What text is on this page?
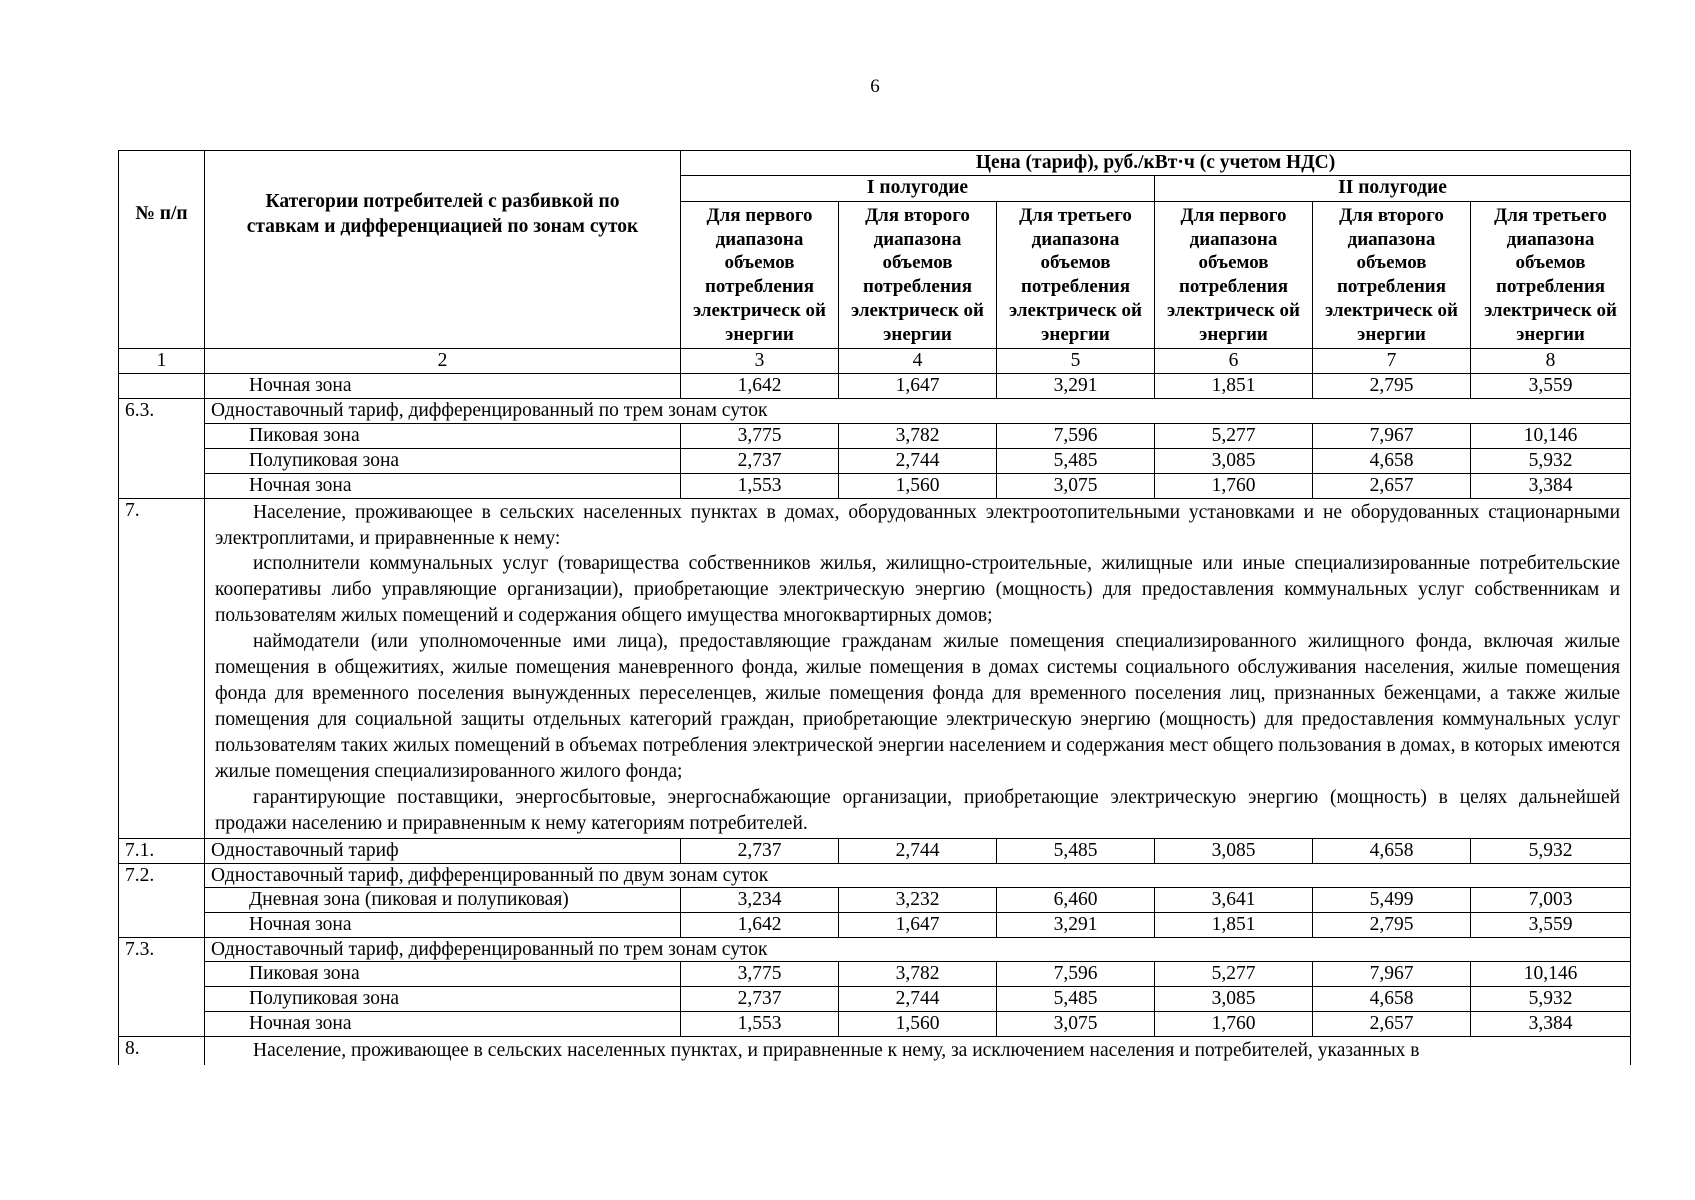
6
№ п/п	Категории потребителей с разбивкой по ставкам и дифференциацией по зонам суток	Цена (тариф), руб./кВт·ч (с учетом НДС)					
		I полугодие			II полугодие		
		Для первого диапазона объемов потребления электрическ ой энергии	Для второго диапазона объемов потребления электрическ ой энергии	Для третьего диапазона объемов потребления электрическ ой энергии	Для первого диапазона объемов потребления электрическ ой энергии	Для второго диапазона объемов потребления электрическ ой энергии	Для третьего диапазона объемов потребления электрическ ой энергии
1	2	3	4	5	6	7	8
	Ночная зона	1,642	1,647	3,291	1,851	2,795	3,559
6.3.	Одноставочный тариф, дифференцированный по трем зонам суток						
	Пиковая зона	3,775	3,782	7,596	5,277	7,967	10,146
	Полупиковая зона	2,737	2,744	5,485	3,085	4,658	5,932
	Ночная зона	1,553	1,560	3,075	1,760	2,657	3,384
7.	Население, проживающее в сельских населенных пунктах в домах, оборудованных электроотопительными установками и не оборудованных стационарными электроплитами, и приравненные к нему:

исполнители коммунальных услуг (товарищества собственников жилья, жилищно-строительные, жилищные или иные специализированные потребительские кооперативы либо управляющие организации), приобретающие электрическую энергию (мощность) для предоставления коммунальных услуг собственникам и пользователям жилых помещений и содержания общего имущества многоквартирных домов;

наймодатели (или уполномоченные ими лица), предоставляющие гражданам жилые помещения специализированного жилищного фонда, включая жилые помещения в общежитиях, жилые помещения маневренного фонда, жилые помещения в домах системы социального обслуживания населения, жилые помещения фонда для временного поселения вынужденных переселенцев, жилые помещения фонда для временного поселения лиц, признанных беженцами, а также жилые помещения для социальной защиты отдельных категорий граждан, приобретающие электрическую энергию (мощность) для предоставления коммунальных услуг пользователям таких жилых помещений в объемах потребления электрической энергии населением и содержания мест общего пользования в домах, в которых имеются жилые помещения специализированного жилого фонда;

гарантирующие поставщики, энергосбытовые, энергоснабжающие организации, приобретающие электрическую энергию (мощность) в целях дальнейшей продажи населению и приравненным к нему категориям потребителей.						

7.1.	Одноставочный тариф	2,737	2,744	5,485	3,085	4,658	5,932
7.2.	Одноставочный тариф, дифференцированный по двум зонам суток						
	Дневная зона (пиковая и полупиковая)	3,234	3,232	6,460	3,641	5,499	7,003
	Ночная зона	1,642	1,647	3,291	1,851	2,795	3,559
7.3.	Одноставочный тариф, дифференцированный по трем зонам суток						
	Пиковая зона	3,775	3,782	7,596	5,277	7,967	10,146
	Полупиковая зона	2,737	2,744	5,485	3,085	4,658	5,932
	Ночная зона	1,553	1,560	3,075	1,760	2,657	3,384
8.	Население, проживающее в сельских населенных пунктах, и приравненные к нему, за исключением населения и потребителей, указанных в						
